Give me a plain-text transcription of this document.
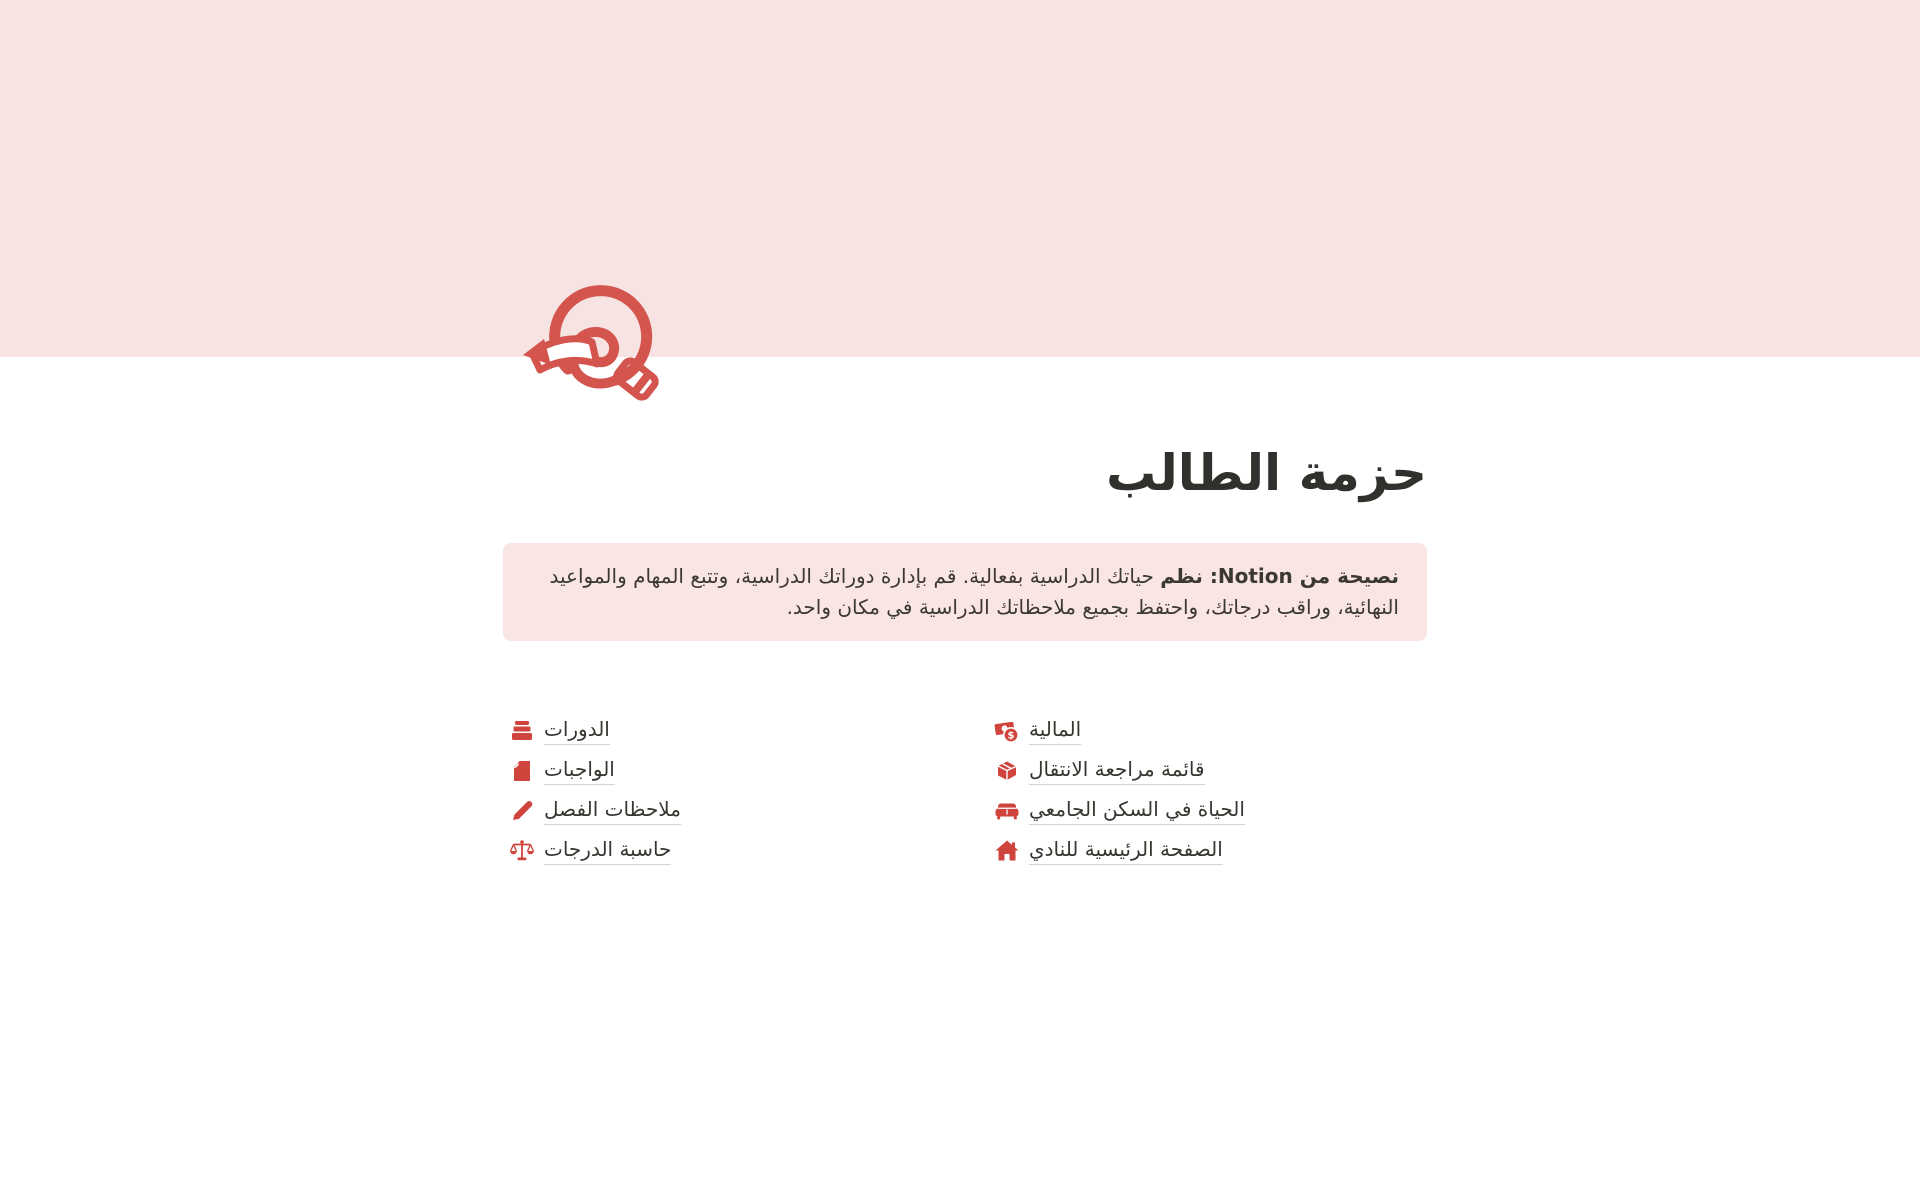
حزمة الطالب
نصيحة من Notion: نظم حياتك الدراسية بفعالية. قم بإدارة دوراتك الدراسية، وتتبع المهام والمواعيد النهائية، وراقب درجاتك، واحتفظ بجميع ملاحظاتك الدراسية في مكان واحد.
الدورات
الواجبات
ملاحظات الفصل
حاسبة الدرجات
$ المالية
قائمة مراجعة الانتقال
الحياة في السكن الجامعي
الصفحة الرئيسية للنادي
